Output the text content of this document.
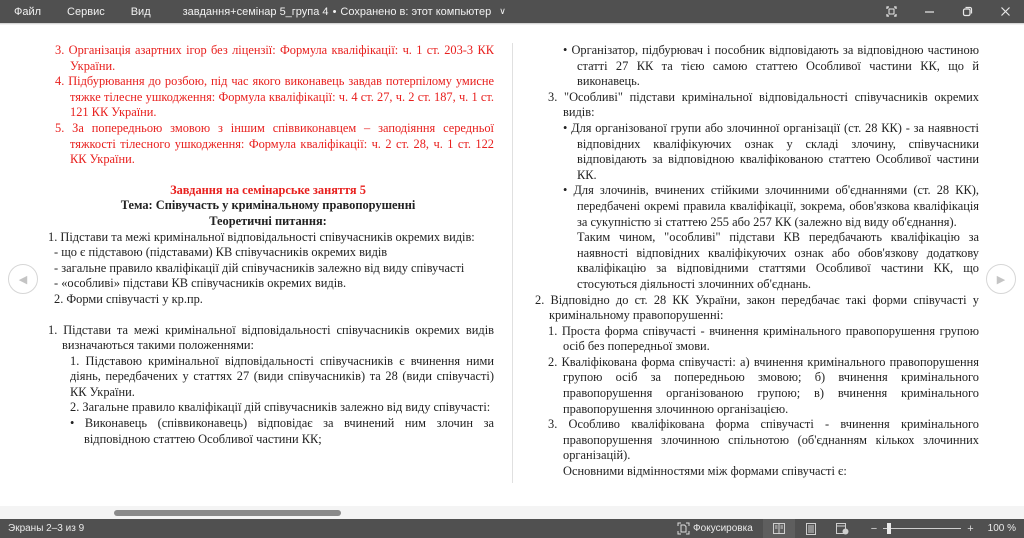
Файл	Сервис	Вид	завдання+семінар 5_група 4 • Сохранено в: этот компьютер ∨
3. Організація азартних ігор без ліцензії: Формула кваліфікації: ч. 1 ст. 203-3 КК України.
4. Підбурювання до розбою, під час якого виконавець завдав потерпілому умисне тяжке тілесне ушкодження: Формула кваліфікації: ч. 4 ст. 27, ч. 2 ст. 187, ч. 1 ст. 121 КК України.
5. За попередньою змовою з іншим співвиконавцем – заподіяння середньої тяжкості тілесного ушкодження: Формула кваліфікації: ч. 2 ст. 28, ч. 1 ст. 122 КК України.
Завдання на семінарське заняття 5
Тема: Співучасть у кримінальному правопорушенні
Теоретичні питання:
1. Підстави та межі кримінальної відповідальності співучасників окремих видів:
- що є підставою (підставами) КВ співучасників окремих видів
- загальне правило кваліфікації дій співучасників залежно від виду співучасті
- «особливі» підстави КВ співучасників окремих видів.
2. Форми співучасті у кр.пр.
1. Підстави та межі кримінальної відповідальності співучасників окремих видів визначаються такими положеннями:
1. Підставою кримінальної відповідальності співучасників є вчинення ними діянь, передбачених у статтях 27 (види співучасників) та 28 (види співучасті) КК України.
2. Загальне правило кваліфікації дій співучасників залежно від виду співучасті:
• Виконавець (співвиконавець) відповідає за вчинений ним злочин за відповідною статтею Особливої частини КК;
• Організатор, підбурювач і пособник відповідають за відповідною частиною статті 27 КК та тією самою статтею Особливої частини КК, що й виконавець.
3. "Особливі" підстави кримінальної відповідальності співучасників окремих видів:
• Для організованої групи або злочинної організації (ст. 28 КК) - за наявності відповідних кваліфікуючих ознак у складі злочину, співучасники відповідають за відповідною кваліфікованою статтею Особливої частини КК.
• Для злочинів, вчинених стійкими злочинними об'єднаннями (ст. 28 КК), передбачені окремі правила кваліфікації, зокрема, обов'язкова кваліфікація за сукупністю зі статтею 255 або 257 КК (залежно від виду об'єднання).
Таким чином, "особливі" підстави КВ передбачають кваліфікацію за наявності відповідних кваліфікуючих ознак або обов'язкову додаткову кваліфікацію за відповідними статтями Особливої частини КК, що стосуються діяльності злочинних об'єднань.
2. Відповідно до ст. 28 КК України, закон передбачає такі форми співучасті у кримінальному правопорушенні:
1. Проста форма співучасті - вчинення кримінального правопорушення групою осіб без попередньої змови.
2. Кваліфікована форма співучасті: а) вчинення кримінального правопорушення групою осіб за попередньою змовою; б) вчинення кримінального правопорушення організованою групою; в) вчинення кримінального правопорушення злочинною організацією.
3. Особливо кваліфікована форма співучасті - вчинення кримінального правопорушення злочинною спільнотою (об'єднанням кількох злочинних організацій).
Основними відмінностями між формами співучасті є:
◀	▶
Экраны 2–3 из 9	Фокусировка	−	+	100 %
